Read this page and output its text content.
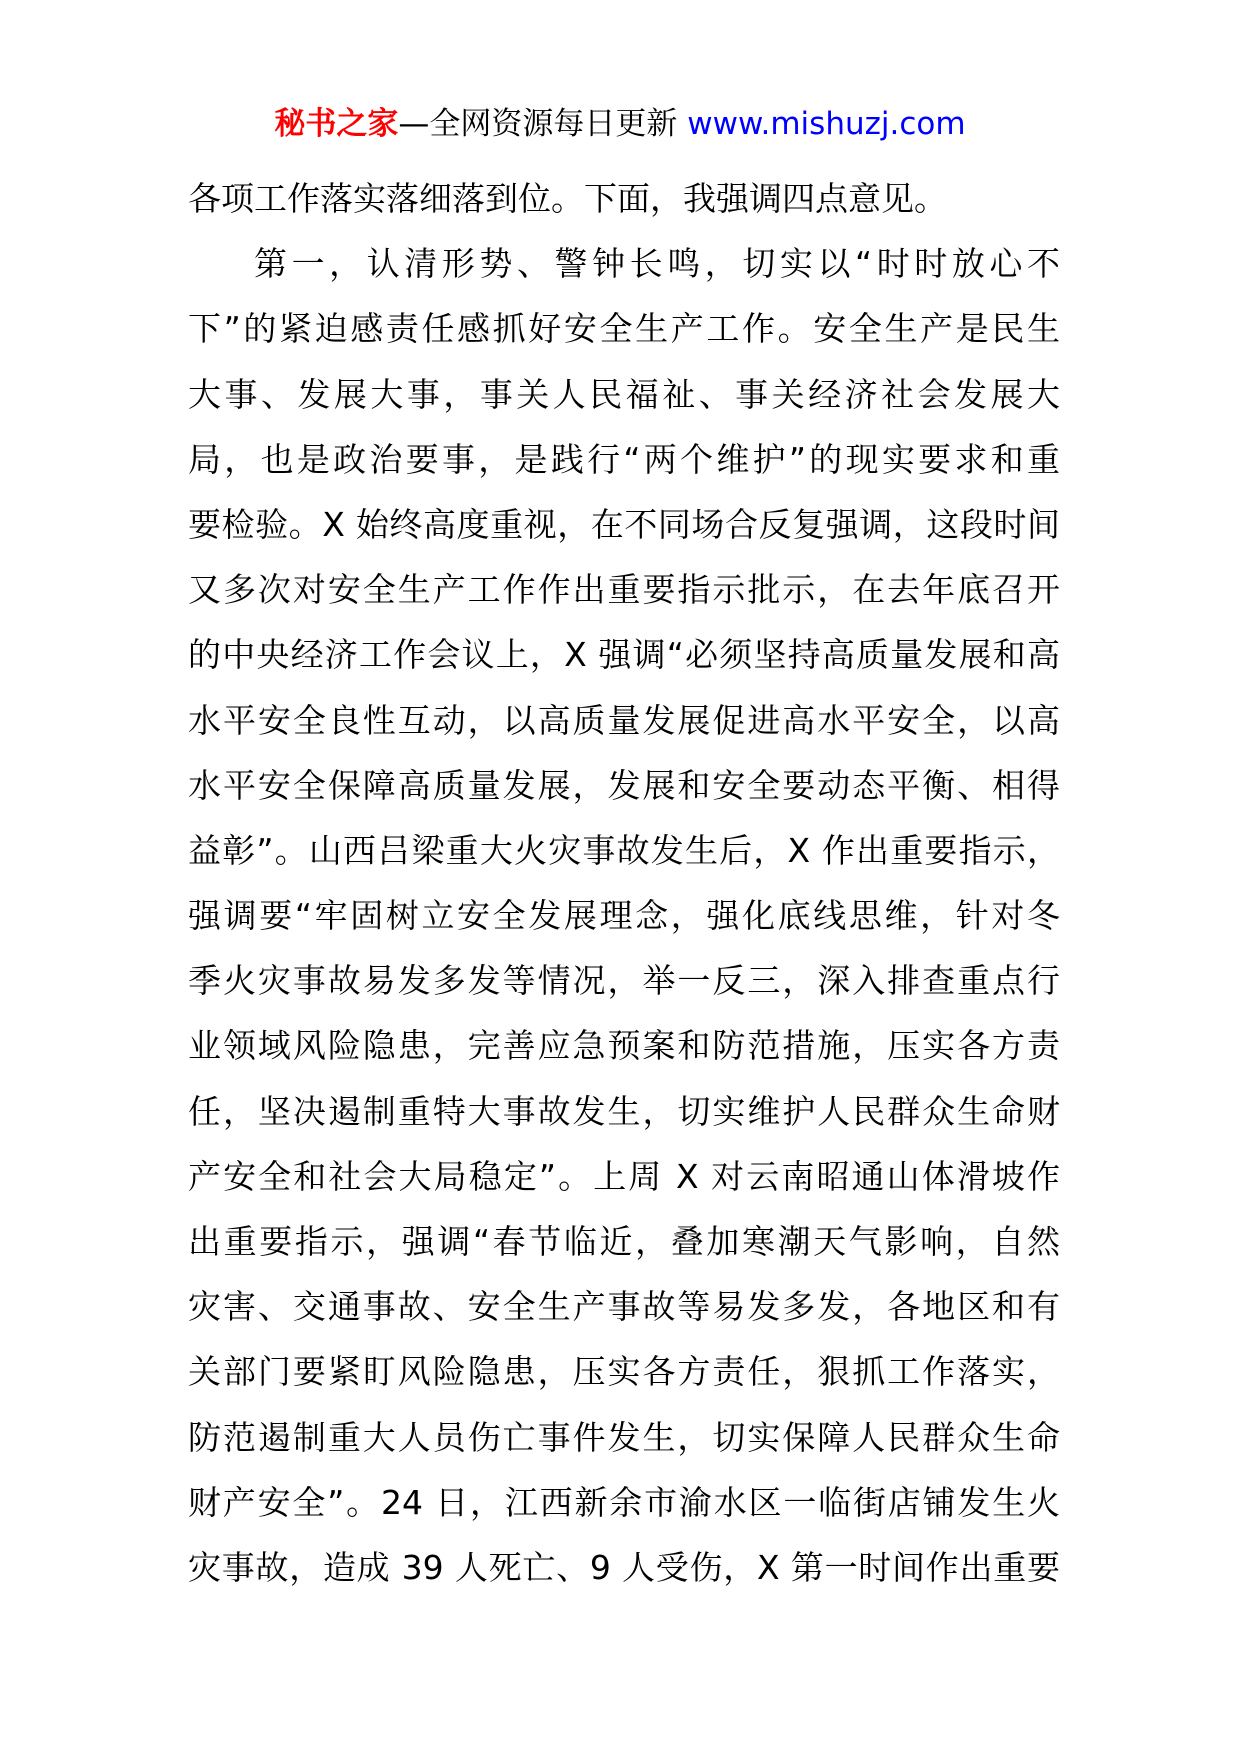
秘书之家—全网资源每日更新 www.mishuzj.com
各项工作落实落细落到位。下面，我强调四点意见。
第一，认清形势、警钟长鸣，切实以“时时放心不
下”的紧迫感责任感抓好安全生产工作。安全生产是民生
大事、发展大事，事关人民福祉、事关经济社会发展大
局，也是政治要事，是践行“两个维护”的现实要求和重
要检验。X 始终高度重视，在不同场合反复强调，这段时间
又多次对安全生产工作作出重要指示批示，在去年底召开
的中央经济工作会议上，X 强调“必须坚持高质量发展和高
水平安全良性互动，以高质量发展促进高水平安全，以高
水平安全保障高质量发展，发展和安全要动态平衡、相得
益彰”。山西吕梁重大火灾事故发生后，X 作出重要指示，
强调要“牢固树立安全发展理念，强化底线思维，针对冬
季火灾事故易发多发等情况，举一反三，深入排查重点行
业领域风险隐患，完善应急预案和防范措施，压实各方责
任，坚决遏制重特大事故发生，切实维护人民群众生命财
产安全和社会大局稳定”。上周 X 对云南昭通山体滑坡作
出重要指示，强调“春节临近，叠加寒潮天气影响，自然
灾害、交通事故、安全生产事故等易发多发，各地区和有
关部门要紧盯风险隐患，压实各方责任，狠抓工作落实，
防范遏制重大人员伤亡事件发生，切实保障人民群众生命
财产安全”。24 日，江西新余市渝水区一临街店铺发生火
灾事故，造成 39 人死亡、9 人受伤，X 第一时间作出重要
